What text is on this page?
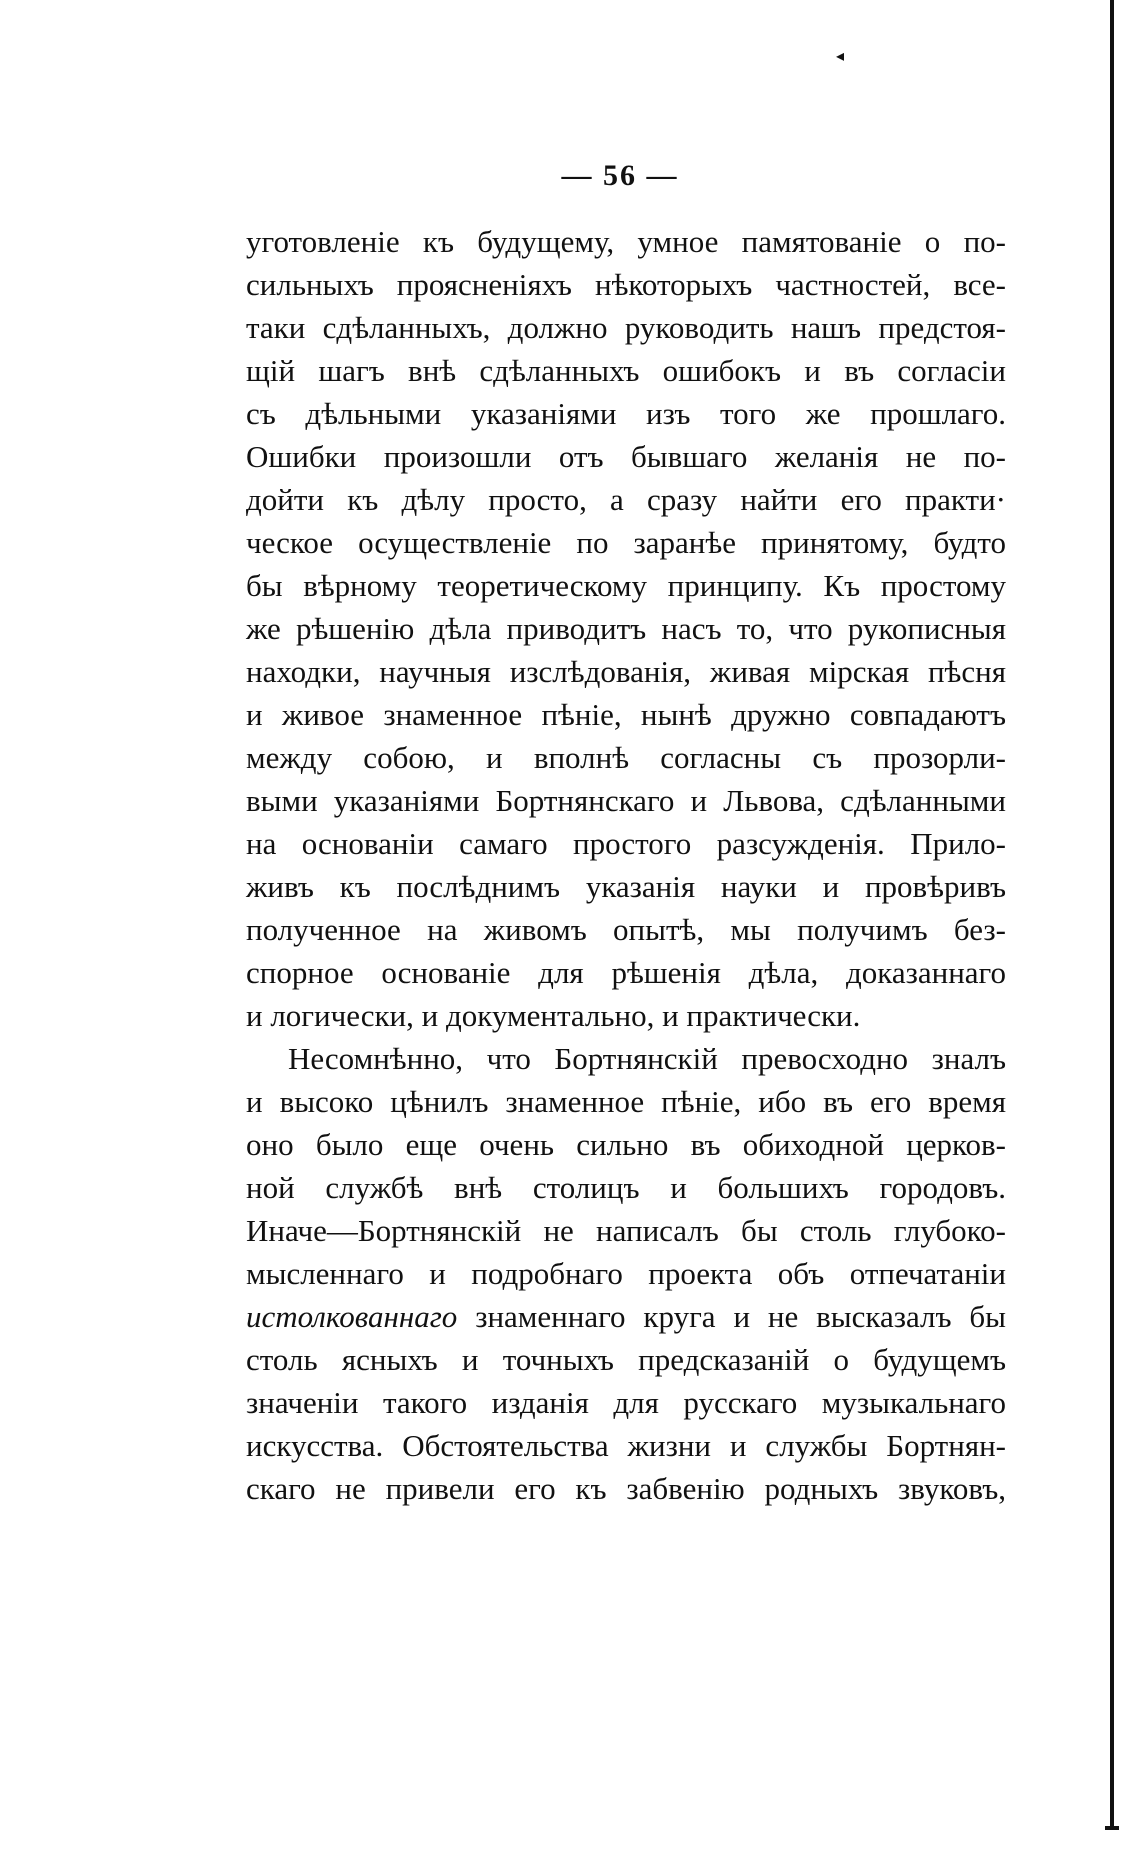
◂
— 56 —
уготовленіе къ будущему, умное памятованіе о по-
сильныхъ проясненіяхъ нѣкоторыхъ частностей, все-
таки сдѣланныхъ, должно руководить нашъ предстоя-
щій шагъ внѣ сдѣланныхъ ошибокъ и въ согласіи
съ дѣльными указаніями изъ того же прошлаго.
Ошибки произошли отъ бывшаго желанія не по-
дойти къ дѣлу просто, а сразу найти его практи·
ческое осуществленіе по заранѣе принятому, будто
бы вѣрному теоретическому принципу. Къ простому
же рѣшенію дѣла приводитъ насъ то, что рукописныя
находки, научныя изслѣдованія, живая мірская пѣсня
и живое знаменное пѣніе, нынѣ дружно совпадаютъ
между собою, и вполнѣ согласны съ прозорли-
выми указаніями Бортнянскаго и Львова, сдѣланными
на основаніи самаго простого разсужденія. Прило-
живъ къ послѣднимъ указанія науки и провѣривъ
полученное на живомъ опытѣ, мы получимъ без-
спорное основаніе для рѣшенія дѣла, доказаннаго
и логически, и документально, и практически.
Несомнѣнно, что Бортнянскій превосходно зналъ
и высоко цѣнилъ знаменное пѣніе, ибо въ его время
оно было еще очень сильно въ обиходной церков-
ной службѣ внѣ столицъ и большихъ городовъ.
Иначе—Бортнянскій не написалъ бы столь глубоко-
мысленнаго и подробнаго проекта объ отпечатаніи
истолкованнаго знаменнаго круга и не высказалъ бы
столь ясныхъ и точныхъ предсказаній о будущемъ
значеніи такого изданія для русскаго музыкальнаго
искусства. Обстоятельства жизни и службы Бортнян-
скаго не привели его къ забвенію родныхъ звуковъ,
